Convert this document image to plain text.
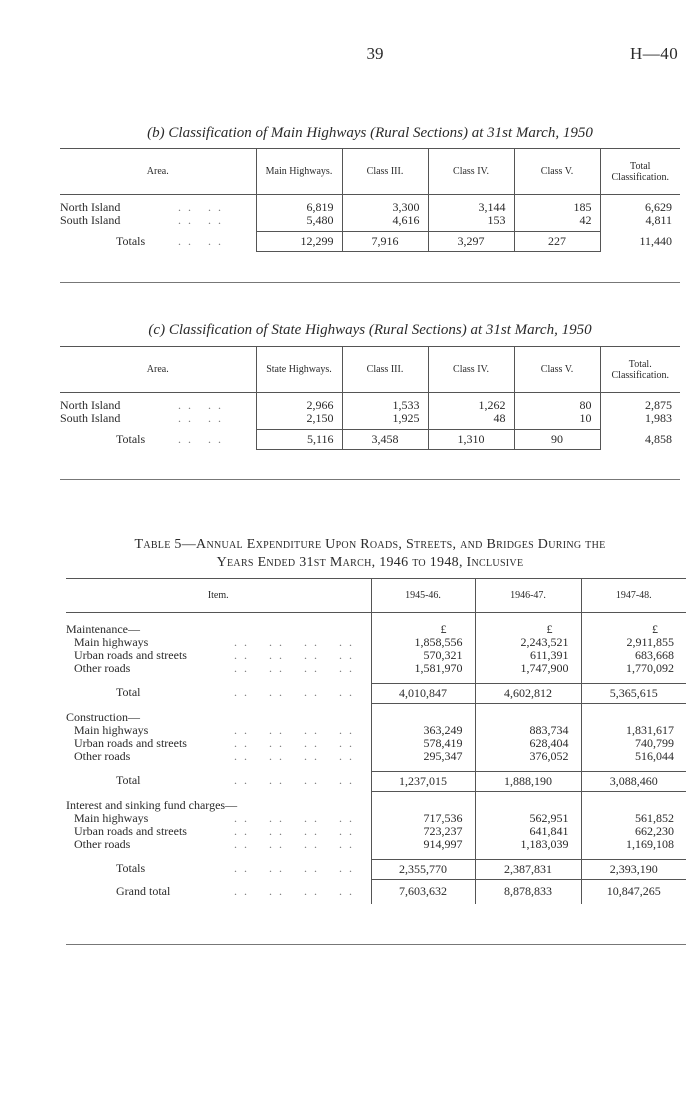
39	H—40
(b) Classification of Main Highways (Rural Sections) at 31st March, 1950
Area.	Main Highways.	Class III.	Class IV.	Class V.	Total Classification.

North Island . .   . .	6,819	3,300	3,144	185	6,629
South Island . .   . .	5,480	4,616	153	42	4,811

Totals . .   . .	12,299	7,916	3,297	227	11,440
(c) Classification of State Highways (Rural Sections) at 31st March, 1950
Area.	State Highways.	Class III.	Class IV.	Class V.	Total. Classification.

North Island . .   . .	2,966	1,533	1,262	80	2,875
South Island . .   . .	2,150	1,925	48	10	1,983

Totals . .   . .	5,116	3,458	1,310	90	4,858
Table 5—Annual Expenditure Upon Roads, Streets, and Bridges During the
Years Ended 31st March, 1946 to 1948, Inclusive
Item.	1945-46.	1946-47.	1947-48.

Maintenance—	£	£	£
Main highways . .    . .    . .    . .	1,858,556	2,243,521	2,911,855
Urban roads and streets . .    . .    . .    . .	570,321	611,391	683,668
Other roads . .    . .    . .    . .	1,581,970	1,747,900	1,770,092

Total . .    . .    . .    . .	4,010,847	4,602,812	5,365,615

Construction—			
Main highways . .    . .    . .    . .	363,249	883,734	1,831,617
Urban roads and streets . .    . .    . .    . .	578,419	628,404	740,799
Other roads . .    . .    . .    . .	295,347	376,052	516,044

Total . .    . .    . .    . .	1,237,015	1,888,190	3,088,460

Interest and sinking fund charges—			
Main highways . .    . .    . .    . .	717,536	562,951	561,852
Urban roads and streets . .    . .    . .    . .	723,237	641,841	662,230
Other roads . .    . .    . .    . .	914,997	1,183,039	1,169,108

Totals . .    . .    . .    . .	2,355,770	2,387,831	2,393,190

Grand total . .    . .    . .    . .	7,603,632	8,878,833	10,847,265
